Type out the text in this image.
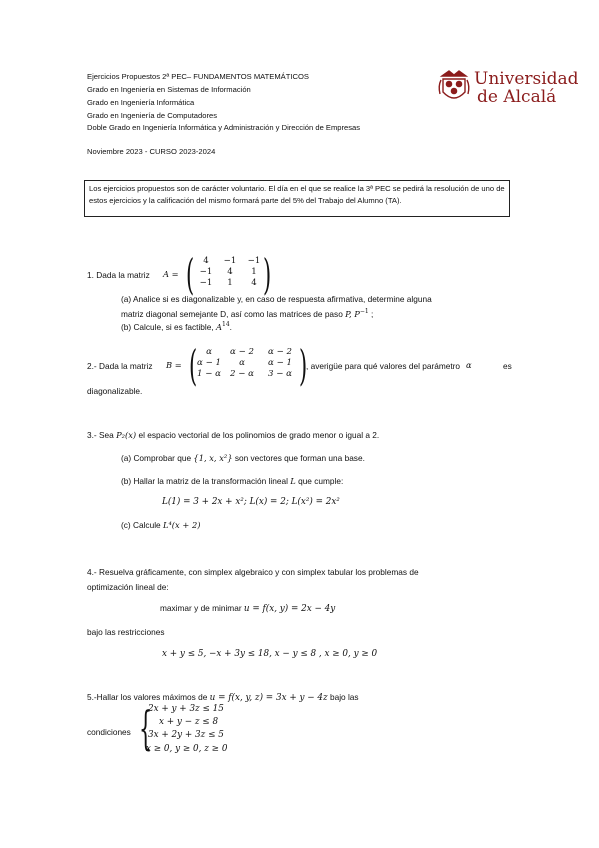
Ejercicios Propuestos 2ª PEC– FUNDAMENTOS MATEMÁTICOS
Grado en Ingeniería en Sistemas de Información
Grado en Ingeniería Informática
Grado en Ingeniería de Computadores
Doble Grado en Ingeniería Informática y Administración y Dirección de Empresas
Noviembre 2023 - CURSO 2023-2024
Universidad
de Alcalá
Los ejercicios propuestos son de carácter voluntario. El día en el que se realice la 3ª PEC se pedirá la resolución de uno de estos ejercicios y la calificación del mismo formará parte del 5% del Trabajo del Alumno (TA).
1. Dada la matriz A = (	4	−1	−1
−1	4	1
−1	1	4 )
(a) Analice si es diagonalizable y, en caso de respuesta afirmativa, determine alguna
matriz diagonal semejante D, así como las matrices de paso P, $P^{-1}$ ;
(b) Calcule, si es factible, $A^{14}$.
2.- Dada la matriz B = (	α	α − 2	α − 2
α − 1	α	α − 1
1 − α	2 − α	3 − α )
, averigüe para qué valores del parámetro α	es
diagonalizable.
3.- Sea P₂(x) el espacio vectorial de los polinomios de grado menor o igual a 2.
(a) Comprobar que {1, x, x²} son vectores que forman una base.
(b) Hallar la matriz de la transformación lineal L que cumple:
L(1) = 3 + 2x + x²; L(x) = 2; L(x²) = 2x²
(c) Calcule L⁴(x + 2)
4.- Resuelva gráficamente, con simplex algebraico y con simplex tabular los problemas de
optimización lineal de:
maximar y de minimar u = f(x, y) = 2x − 4y
bajo las restricciones
x + y ≤ 5, −x + 3y ≤ 18, x − y ≤ 8 , x ≥ 0, y ≥ 0
5.-Hallar los valores máximos de u = f(x, y, z) = 3x + y − 4z bajo las
condiciones {
2x + y + 3z ≤ 15
x + y − z ≤ 8
3x + 2y + 3z ≤ 5
x ≥ 0, y ≥ 0, z ≥ 0
